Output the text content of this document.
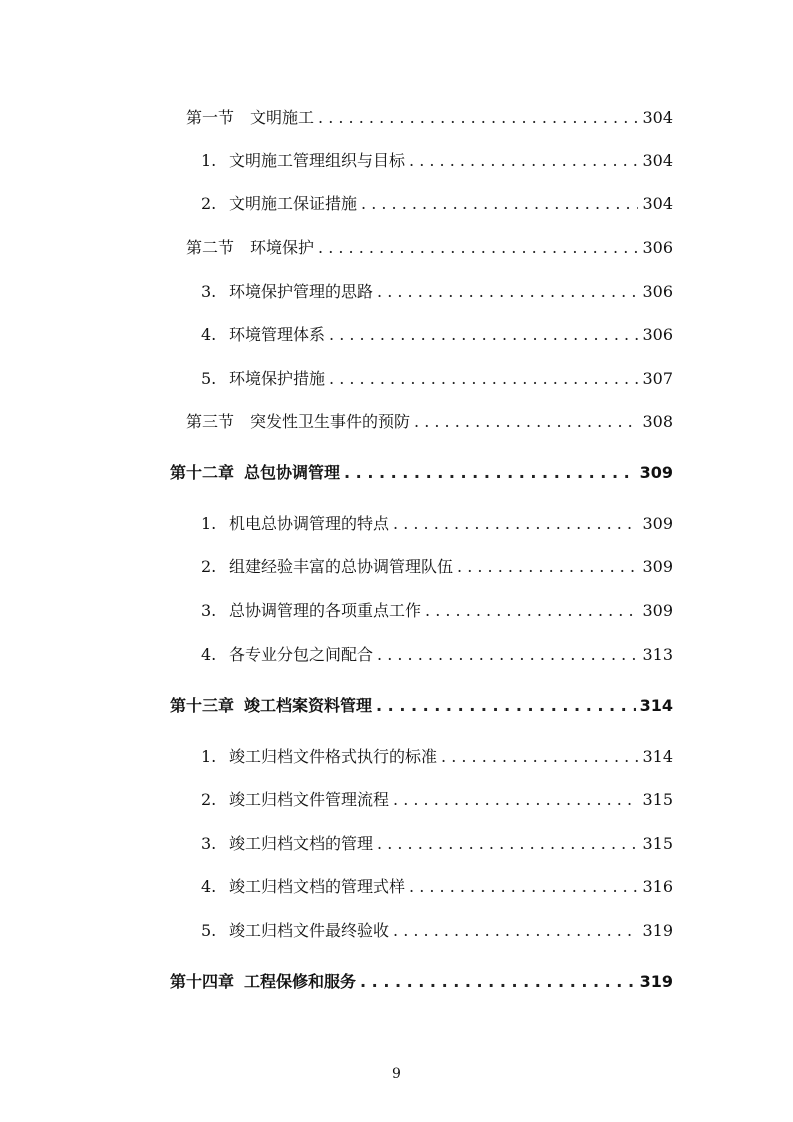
第一节 文明施工 . . .	304
1. 文明施工管理组织与目标 . . .	304
2. 文明施工保证措施 . . .	304
第二节 环境保护 . . .	306
3. 环境保护管理的思路 . . .	306
4. 环境管理体系 . . .	306
5. 环境保护措施 . . .	307
第三节 突发性卫生事件的预防 . . .	308
第十二章 总包协调管理 . . .	309
1. 机电总协调管理的特点 . . .	309
2. 组建经验丰富的总协调管理队伍 . . .	309
3. 总协调管理的各项重点工作 . . .	309
4. 各专业分包之间配合 . . .	313
第十三章 竣工档案资料管理 . . .	314
1. 竣工归档文件格式执行的标准 . . .	314
2. 竣工归档文件管理流程 . . .	315
3. 竣工归档文档的管理 . . .	315
4. 竣工归档文档的管理式样 . . .	316
5. 竣工归档文件最终验收 . . .	319
第十四章 工程保修和服务 . . .	319
9
